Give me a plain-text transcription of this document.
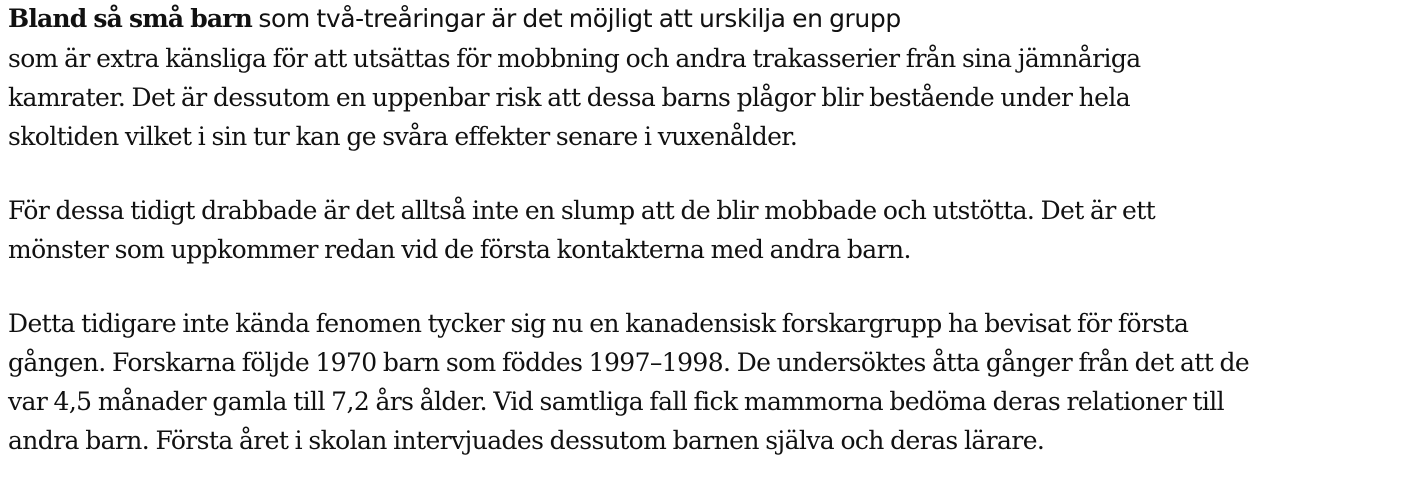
Bland så små barn som två-treåringar är det möjligt att urskilja en grupp
som är extra känsliga för att utsättas för mobbning och andra trakasserier från sina jämnåriga
kamrater. Det är dessutom en uppenbar risk att dessa barns plågor blir bestående under hela
skoltiden vilket i sin tur kan ge svåra effekter senare i vuxenålder.
För dessa tidigt drabbade är det alltså inte en slump att de blir mobbade och utstötta. Det är ett
mönster som uppkommer redan vid de första kontakterna med andra barn.
Detta tidigare inte kända fenomen tycker sig nu en kanadensisk forskargrupp ha bevisat för första
gången. Forskarna följde 1970 barn som föddes 1997–1998. De undersöktes åtta gånger från det att de
var 4,5 månader gamla till 7,2 års ålder. Vid samtliga fall fick mammorna bedöma deras relationer till
andra barn. Första året i skolan intervjuades dessutom barnen själva och deras lärare.
